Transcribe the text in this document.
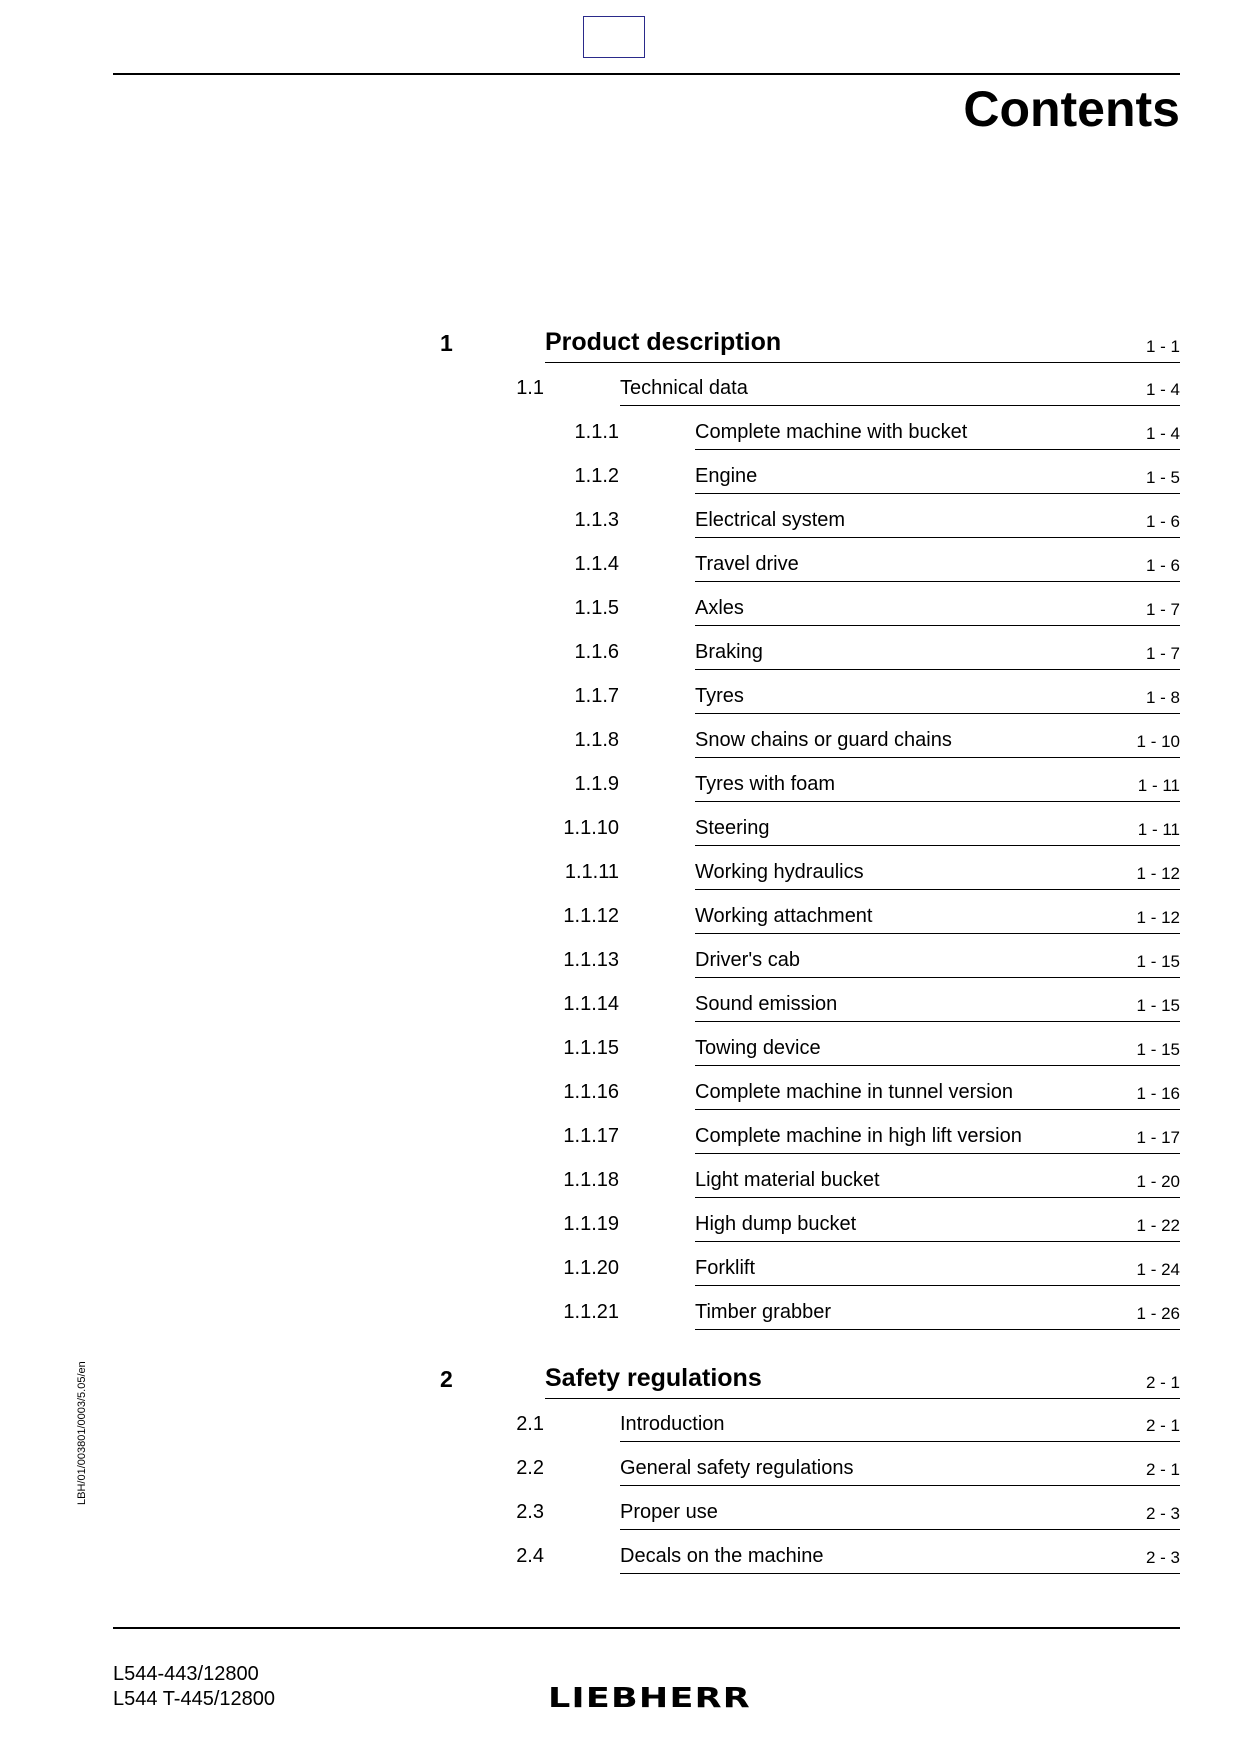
Contents
1	Product description	1 - 1
1.1	Technical data	1 - 4
1.1.1	Complete machine with bucket	1 - 4
1.1.2	Engine	1 - 5
1.1.3	Electrical system	1 - 6
1.1.4	Travel drive	1 - 6
1.1.5	Axles	1 - 7
1.1.6	Braking	1 - 7
1.1.7	Tyres	1 - 8
1.1.8	Snow chains or guard chains	1 - 10
1.1.9	Tyres with foam	1 - 11
1.1.10	Steering	1 - 11
1.1.11	Working hydraulics	1 - 12
1.1.12	Working attachment	1 - 12
1.1.13	Driver's cab	1 - 15
1.1.14	Sound emission	1 - 15
1.1.15	Towing device	1 - 15
1.1.16	Complete machine in tunnel version	1 - 16
1.1.17	Complete machine in high lift version	1 - 17
1.1.18	Light material bucket	1 - 20
1.1.19	High dump bucket	1 - 22
1.1.20	Forklift	1 - 24
1.1.21	Timber grabber	1 - 26
2	Safety regulations	2 - 1
2.1	Introduction	2 - 1
2.2	General safety regulations	2 - 1
2.3	Proper use	2 - 3
2.4	Decals on the machine	2 - 3
LBH/01/003801/0003/5.05/en
L544-443/12800
L544 T-445/12800	LIEBHERR
